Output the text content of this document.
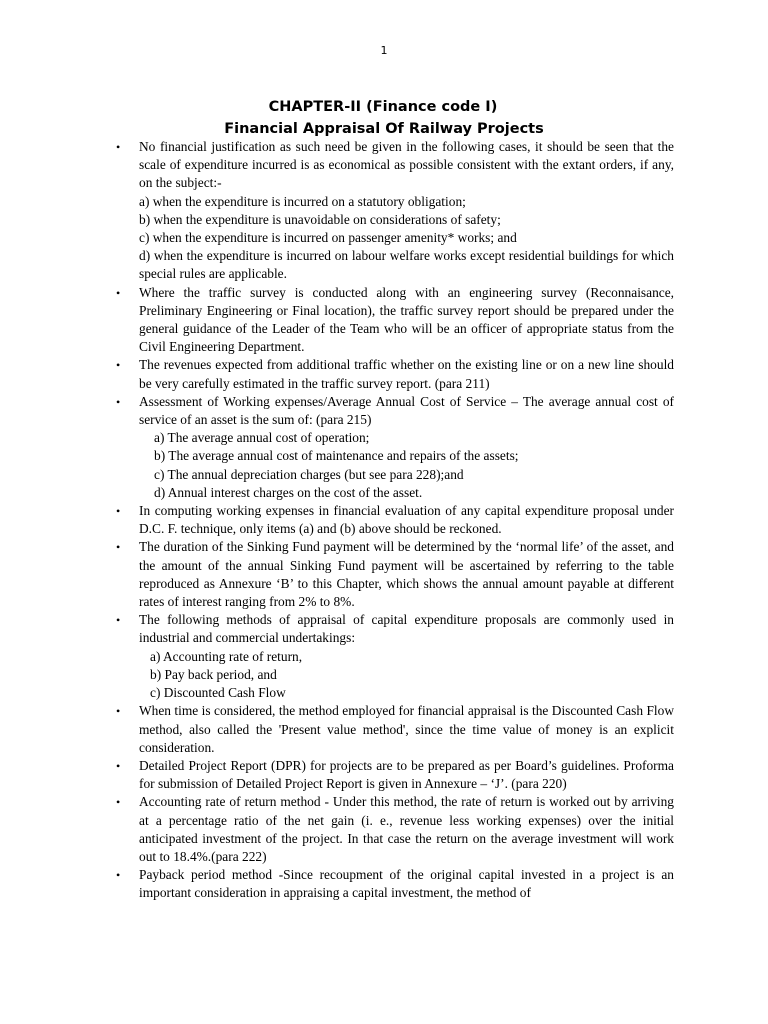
1
CHAPTER-II (Finance code I)
Financial Appraisal Of Railway Projects
• No financial justification as such need be given in the following cases, it should be seen that the scale of expenditure incurred is as economical as possible consistent with the extant orders, if any, on the subject:-

a) when the expenditure is incurred on a statutory obligation;
b) when the expenditure is unavoidable on considerations of safety;
c) when the expenditure is incurred on passenger amenity* works; and
d) when the expenditure is incurred on labour welfare works except residential buildings for which special rules are applicable.
• Where the traffic survey is conducted along with an engineering survey (Reconnaisance, Preliminary Engineering or Final location), the traffic survey report should be prepared under the general guidance of the Leader of the Team who will be an officer of appropriate status from the Civil Engineering Department.

• The revenues expected from additional traffic whether on the existing line or on a new line should be very carefully estimated in the traffic survey report. (para 211)

• Assessment of Working expenses/Average Annual Cost of Service – The average annual cost of service of an asset is the sum of: (para 215)

a) The average annual cost of operation;
b) The average annual cost of maintenance and repairs of the assets;
c) The annual depreciation charges (but see para 228);and
d) Annual interest charges on the cost of the asset.
• In computing working expenses in financial evaluation of any capital expenditure proposal under D.C. F. technique, only items (a) and (b) above should be reckoned.

• The duration of the Sinking Fund payment will be determined by the ‘normal life’ of the asset, and the amount of the annual Sinking Fund payment will be ascertained by referring to the table reproduced as Annexure ‘B’ to this Chapter, which shows the annual amount payable at different rates of interest ranging from 2% to 8%.

• The following methods of appraisal of capital expenditure proposals are commonly used in industrial and commercial undertakings:

a) Accounting rate of return,
b) Pay back period, and
c) Discounted Cash Flow
• When time is considered, the method employed for financial appraisal is the Discounted Cash Flow method, also called the 'Present value method', since the time value of money is an explicit consideration.

• Detailed Project Report (DPR) for projects are to be prepared as per Board’s guidelines. Proforma for submission of Detailed Project Report is given in Annexure – ‘J’. (para 220)

• Accounting rate of return method - Under this method, the rate of return is worked out by arriving at a percentage ratio of the net gain (i. e., revenue less working expenses) over the initial anticipated investment of the project. In that case the return on the average investment will work out to 18.4%.(para 222)

• Payback period method -Since recoupment of the original capital invested in a project is an important consideration in appraising a capital investment, the method of
